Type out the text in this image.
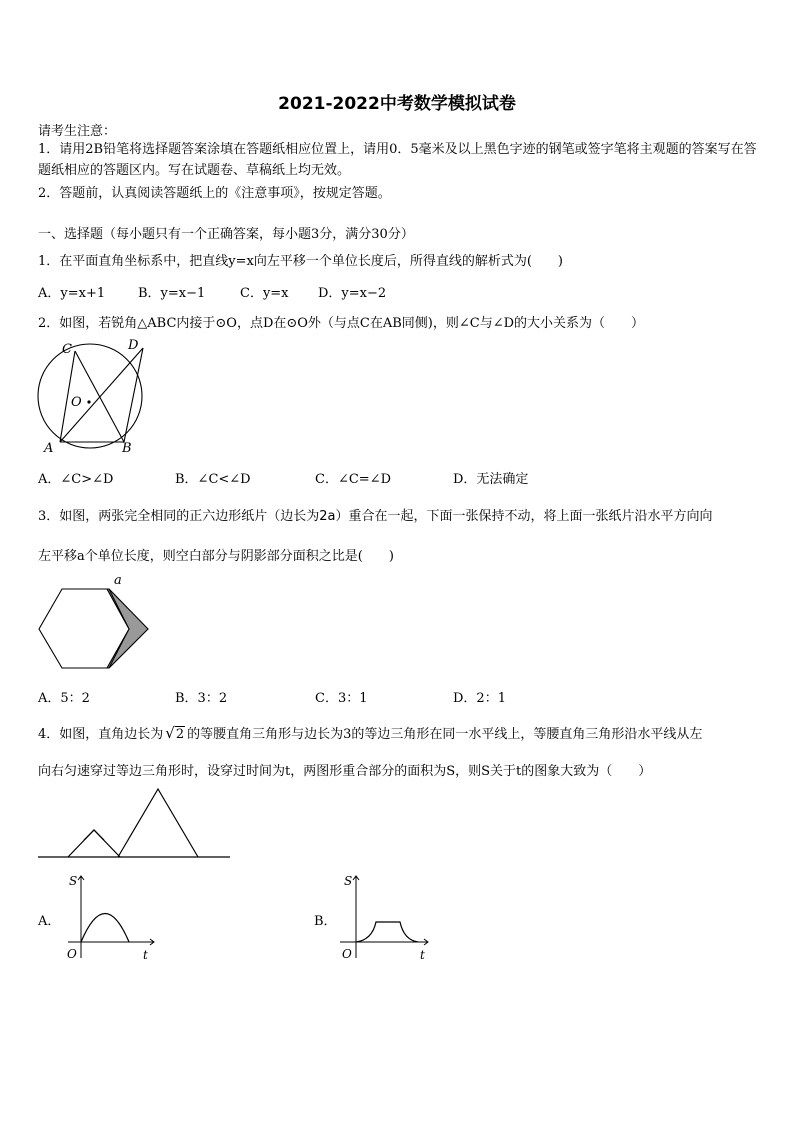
2021-2022中考数学模拟试卷
请考生注意：
1．请用2B铅笔将选择题答案涂填在答题纸相应位置上，请用0．5毫米及以上黑色字迹的钢笔或签字笔将主观题的答案写在答题纸相应的答题区内。写在试题卷、草稿纸上均无效。
2．答题前，认真阅读答题纸上的《注意事项》，按规定答题。
一、选择题（每小题只有一个正确答案，每小题3分，满分30分）
1．在平面直角坐标系中，把直线y=x向左平移一个单位长度后，所得直线的解析式为(　　)
A．y=x+1	B．y=x−1	C．y=x D．y=x−2
2．如图，若锐角△ABC内接于⊙O，点D在⊙O外（与点C在AB同侧)，则∠C与∠D的大小关系为（　　）
C	D
O
A	B
A．∠C>∠D	B．∠C<∠D	C．∠C=∠D	D．无法确定
3．如图，两张完全相同的正六边形纸片（边长为2a）重合在一起，下面一张保持不动，将上面一张纸片沿水平方向向
左平移a个单位长度，则空白部分与阴影部分面积之比是(　　)
a
A．5：2	B．3：2	C．3：1	D．2：1
4．如图，直角边长为 √2 的等腰直角三角形与边长为3的等边三角形在同一水平线上，等腰直角三角形沿水平线从左
向右匀速穿过等边三角形时，设穿过时间为t，两图形重合部分的面积为S，则S关于t的图象大致为（　　）
A．
S
O	t
B．
S
O	t
